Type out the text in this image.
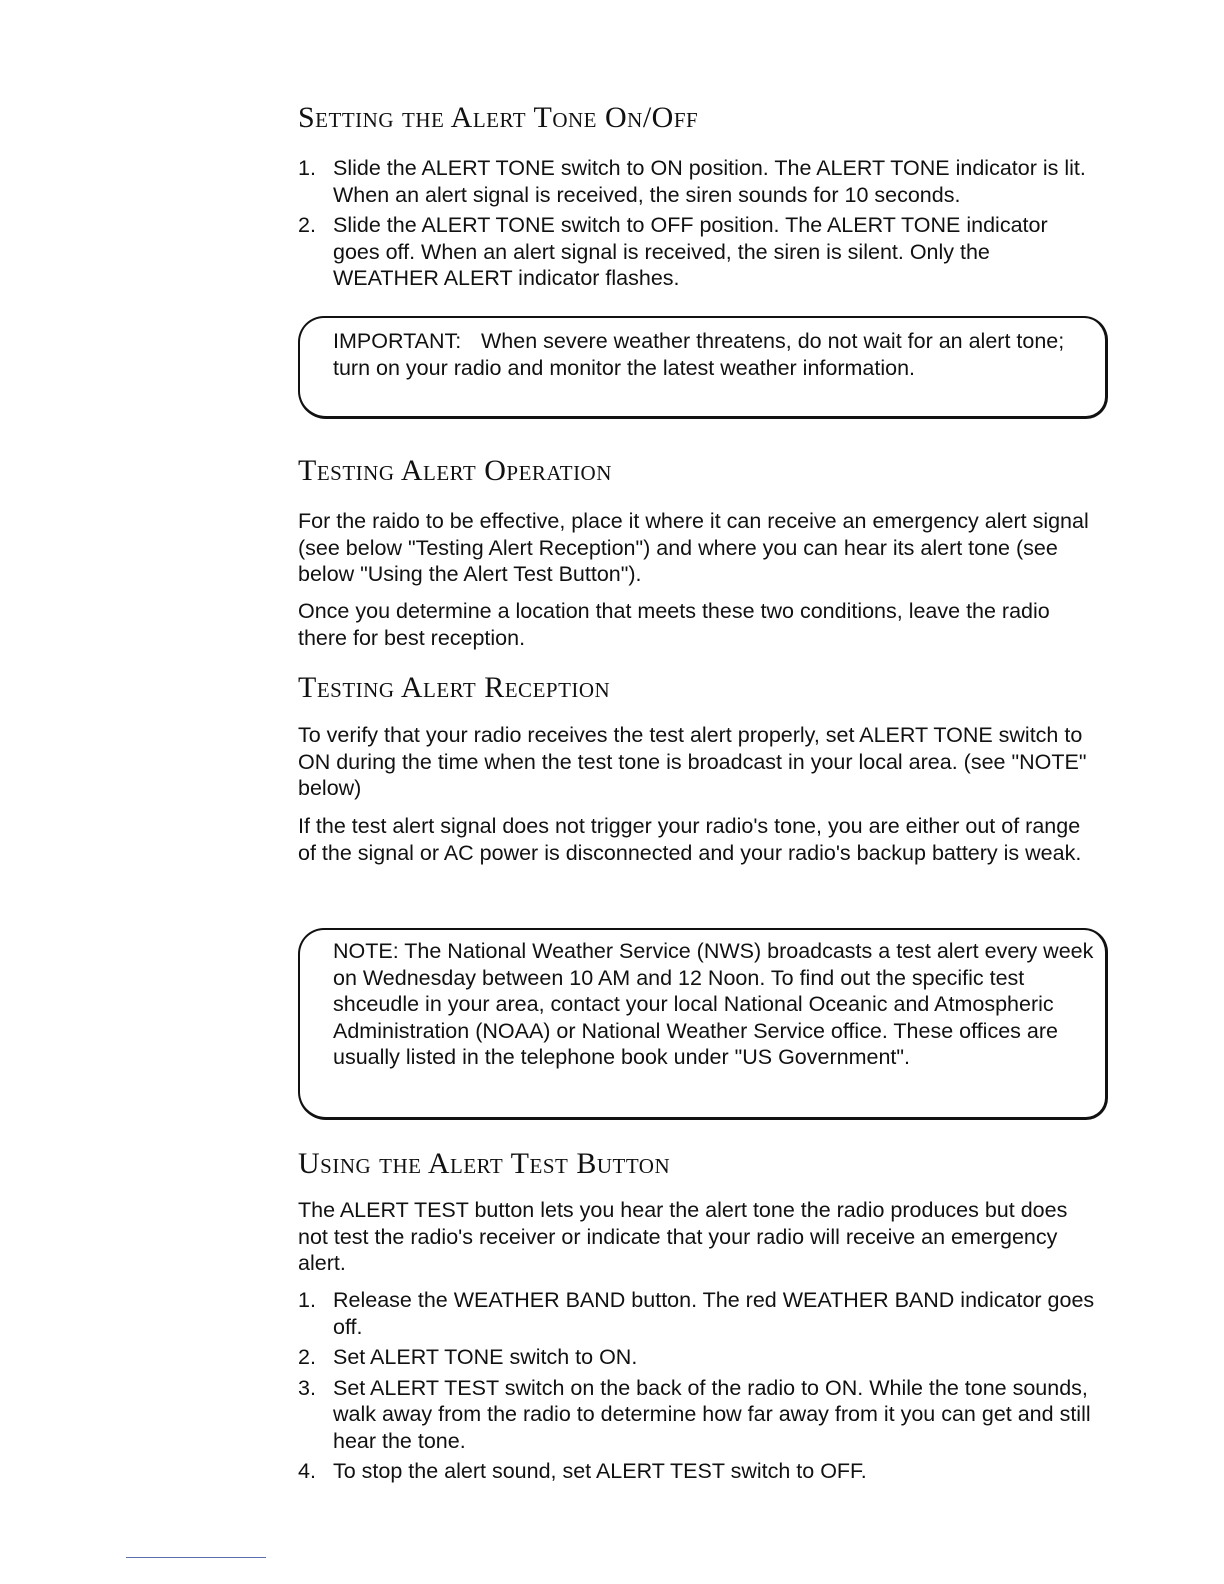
Setting the Alert Tone On/Off
1. Slide the ALERT TONE switch to ON position. The ALERT TONE indicator is lit. When an alert signal is received, the siren sounds for 10 seconds.
2. Slide the ALERT TONE switch to OFF position. The ALERT TONE indicator goes off. When an alert signal is received, the siren is silent. Only the WEATHER ALERT indicator flashes.

IMPORTANT: When severe weather threatens, do not wait for an alert tone; turn on your radio and monitor the latest weather information.

Testing Alert Operation

For the raido to be effective, place it where it can receive an emergency alert signal (see below "Testing Alert Reception") and where you can hear its alert tone (see below "Using the Alert Test Button").

Once you determine a location that meets these two conditions, leave the radio there for best reception.

Testing Alert Reception

To verify that your radio receives the test alert properly, set ALERT TONE switch to ON during the time when the test tone is broadcast in your local area. (see "NOTE" below)

If the test alert signal does not trigger your radio's tone, you are either out of range of the signal or AC power is disconnected and your radio's backup battery is weak.

NOTE: The National Weather Service (NWS) broadcasts a test alert every week on Wednesday between 10 AM and 12 Noon. To find out the specific test shceudle in your area, contact your local National Oceanic and Atmospheric Administration (NOAA) or National Weather Service office. These offices are usually listed in the telephone book under "US Government".

Using the Alert Test Button

The ALERT TEST button lets you hear the alert tone the radio produces but does not test the radio's receiver or indicate that your radio will receive an emergency alert.

1. Release the WEATHER BAND button. The red WEATHER BAND indicator goes off.
2. Set ALERT TONE switch to ON.
3. Set ALERT TEST switch on the back of the radio to ON. While the tone sounds, walk away from the radio to determine how far away from it you can get and still hear the tone.
4. To stop the alert sound, set ALERT TEST switch to OFF.
